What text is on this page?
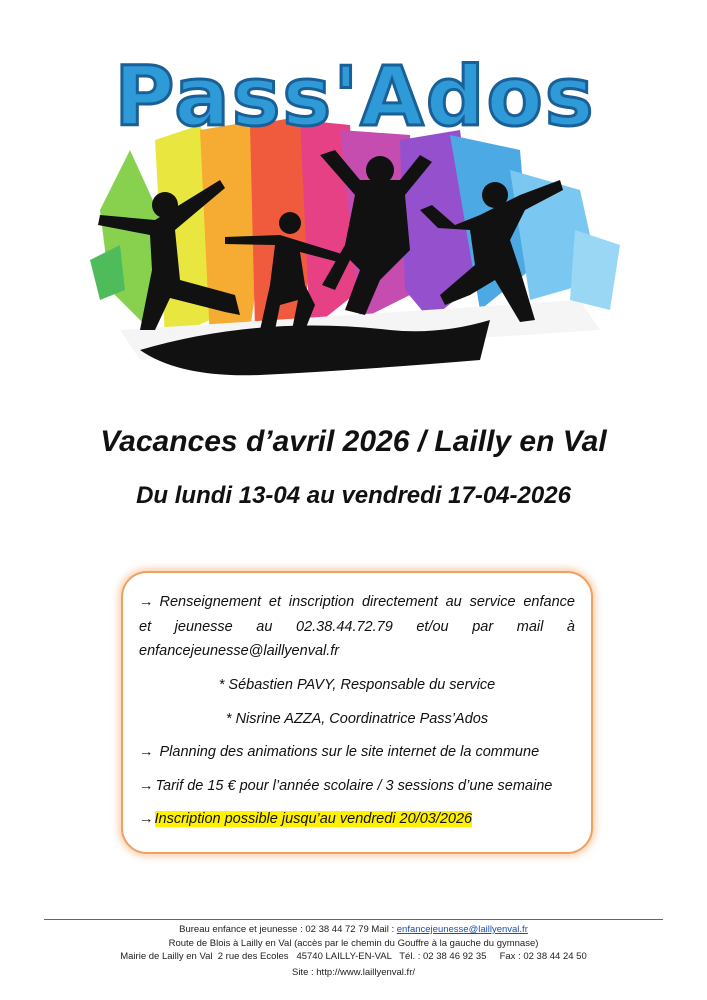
Pass'Ados
Vacances d’avril 2026 / Lailly en Val
Du lundi 13-04 au vendredi 17-04-2026
→ Renseignement et inscription directement au service enfance
et jeunesse au 02.38.44.72.79 et/ou par mail à
enfancejeunesse@laillyenval.fr
* Sébastien PAVY, Responsable du service
* Nisrine AZZA, Coordinatrice Pass’Ados
→ Planning des animations sur le site internet de la commune
→ Tarif de 15 € pour l’année scolaire / 3 sessions d’une semaine
→Inscription possible jusqu’au vendredi 20/03/2026
Bureau enfance et jeunesse : 02 38 44 72 79 Mail : enfancejeunesse@laillyenval.fr
Route de Blois à Lailly en Val (accès par le chemin du Gouffre à la gauche du gymnase)
Mairie de Lailly en Val  2 rue des Ecoles   45740 LAILLY-EN-VAL   Tél. : 02 38 46 92 35     Fax : 02 38 44 24 50
Site : http://www.laillyenval.fr/
